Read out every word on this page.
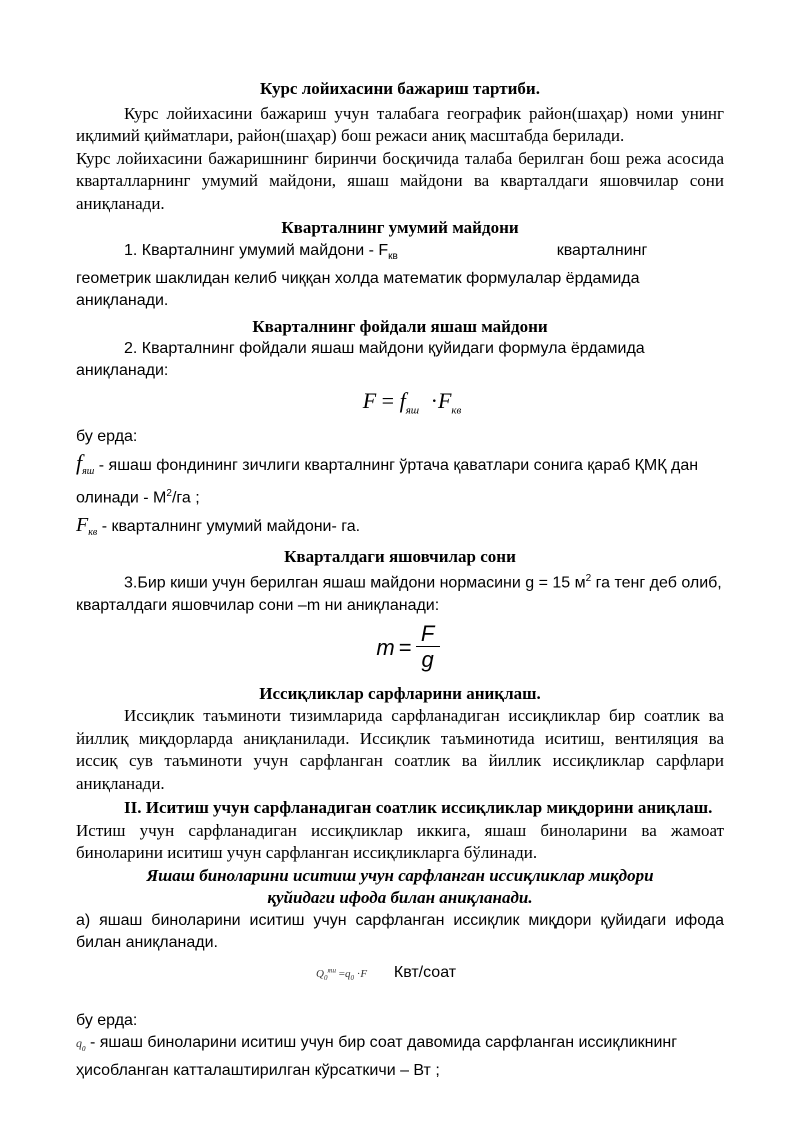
Курс лойихасини бажариш тартиби.

Курс лойихасини бажариш учун талабага географик район(шаҳар) номи унинг иқлимий қийматлари, район(шаҳар) бош режаси аниқ масштабда берилади.

Курс лойихасини бажаришнинг биринчи босқичида талаба берилган бош режа асосида кварталларнинг умумий майдони, яшаш майдони ва кварталдаги яшовчилар сони аниқланади.

Кварталнинг умумий майдони

1. Кварталнинг умумий майдони - $F_{кв}$	кварталнинг

геометрик шаклидан келиб чиққан холда математик формулалар ёрдамида аниқланади.

Кварталнинг фойдали яшаш майдони

2. Кварталнинг фойдали яшаш майдони қуйидаги формула ёрдамида аниқланади:

$F = f_{яш} \cdot F_{кв}$

бу ерда:

$f_{яш}$ - яшаш фондининг зичлиги кварталнинг ўртача қаватлари сонига қараб ҚМҚ дан олинади - $М^2/га$ ;

$F_{кв}$ - кварталнинг умумий майдони- га.

Кварталдаги яшовчилар сони

3.Бир киши учун берилган яшаш майдони нормасини g = 15 $м^2$ га тенг деб олиб, кварталдаги яшовчилар сони –m ни аниқланади:

m =
F
g
Иссиқликлар сарфларини аниқлаш.

Иссиқлик таъминоти тизимларида сарфланадиган иссиқликлар бир соатлик ва йиллиқ миқдорларда аниқланилади. Иссиқлик таъминотида иситиш, вентиляция ва иссиқ сув таъминоти учун сарфланган соатлик ва йиллик иссиқликлар сарфлари аниқланади.

II. Иситиш учун сарфланадиган соатлик иссиқликлар миқдорини аниқлаш.

Истиш учун сарфланадиган иссиқликлар иккига, яшаш биноларини ва жамоат биноларини иситиш учун сарфланган иссиқликларга бўлинади.

Яшаш биноларини иситиш учун сарфланган иссиқликлар миқдори
қуйидаги ифода билан аниқланади.

а) яшаш биноларини иситиш учун сарфланган иссиқлик миқдори қуйидаги ифода билан аниқланади.

$Q_0^{яш} =q_0 \cdot F$ Квт/соат

бу ерда:

$q_0$ - яшаш биноларини иситиш учун бир соат давомида сарфланган иссиқликнинг ҳисобланган катталаштирилган кўрсаткичи – Вт ;
